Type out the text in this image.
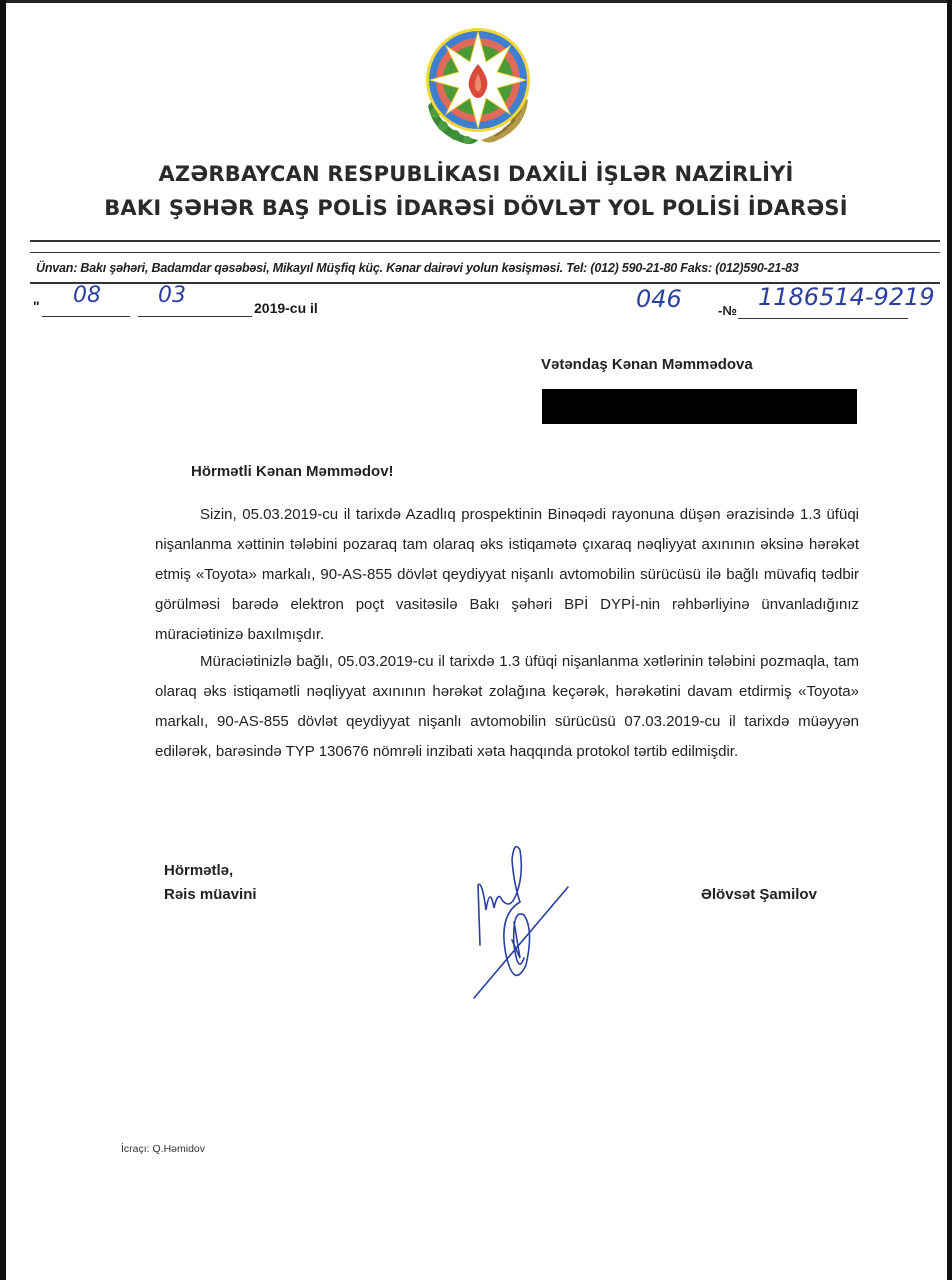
AZƏRBAYCAN RESPUBLİKASI DAXİLİ İŞLƏR NAZİRLİYİ
BAKI ŞƏHƏR BAŞ POLİS İDARƏSİ DÖVLƏT YOL POLİSİ İDARƏSİ
Ünvan: Bakı şəhəri, Badamdar qəsəbəsi, Mikayıl Müşfiq küç. Kənar dairəvi yolun kəsişməsi. Tel: (012) 590-21-80 Faks: (012)590-21-83
" 08	03	2019-cu il	046	-№ 1186514-9219
Vətəndaş Kənan Məmmədova
Hörmətli Kənan Məmmədov!
Sizin, 05.03.2019-cu il tarixdə Azadlıq prospektinin Binəqədi rayonuna düşən ərazisində 1.3 üfüqi nişanlanma xəttinin tələbini pozaraq tam olaraq əks istiqamətə çıxaraq nəqliyyat axınının əksinə hərəkət etmiş «Toyota» markalı, 90-AS-855 dövlət qeydiyyat nişanlı avtomobilin sürücüsü ilə bağlı müvafiq tədbir görülməsi barədə elektron poçt vasitəsilə Bakı şəhəri BPİ DYPİ-nin rəhbərliyinə ünvanladığınız müraciətinizə baxılmışdır.
Müraciətinizlə bağlı, 05.03.2019-cu il tarixdə 1.3 üfüqi nişanlanma xətlərinin tələbini pozmaqla, tam olaraq əks istiqamətli nəqliyyat axınının hərəkət zolağına keçərək, hərəkətini davam etdirmiş «Toyota» markalı, 90-AS-855 dövlət qeydiyyat nişanlı avtomobilin sürücüsü 07.03.2019-cu il tarixdə müəyyən edilərək, barəsində TYP 130676 nömrəli inzibati xəta haqqında protokol tərtib edilmişdir.
Hörmətlə,
Rəis müavini	Əlövsət Şamilov
İcraçı: Q.Həmidov
